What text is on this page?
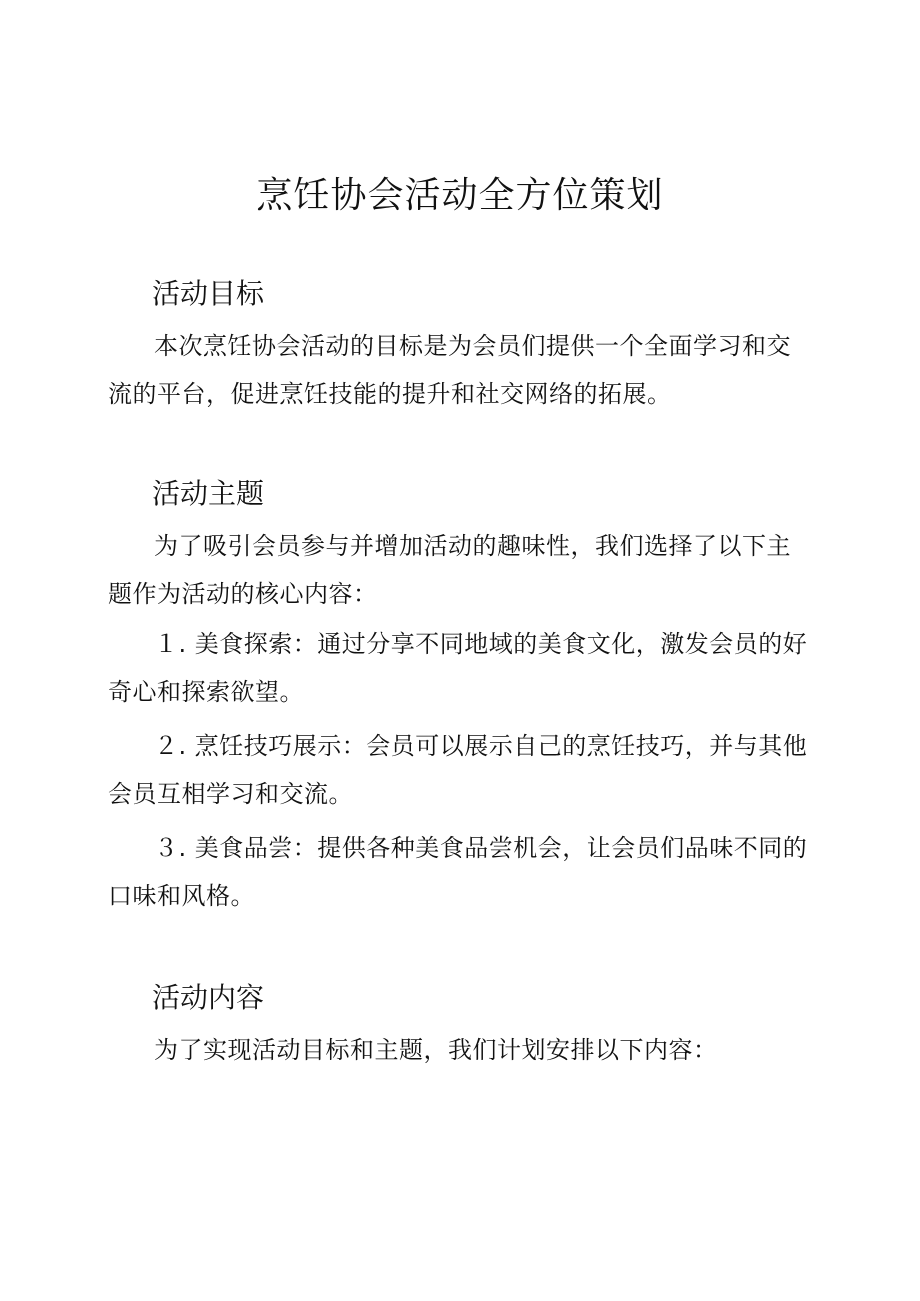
烹饪协会活动全方位策划
活动目标

本次烹饪协会活动的目标是为会员们提供一个全面学习和交流的平台，促进烹饪技能的提升和社交网络的拓展。

活动主题

为了吸引会员参与并增加活动的趣味性，我们选择了以下主题作为活动的核心内容：

１. 美食探索：通过分享不同地域的美食文化，激发会员的好奇心和探索欲望。

２. 烹饪技巧展示：会员可以展示自己的烹饪技巧，并与其他会员互相学习和交流。

３. 美食品尝：提供各种美食品尝机会，让会员们品味不同的口味和风格。

活动内容

为了实现活动目标和主题，我们计划安排以下内容：
